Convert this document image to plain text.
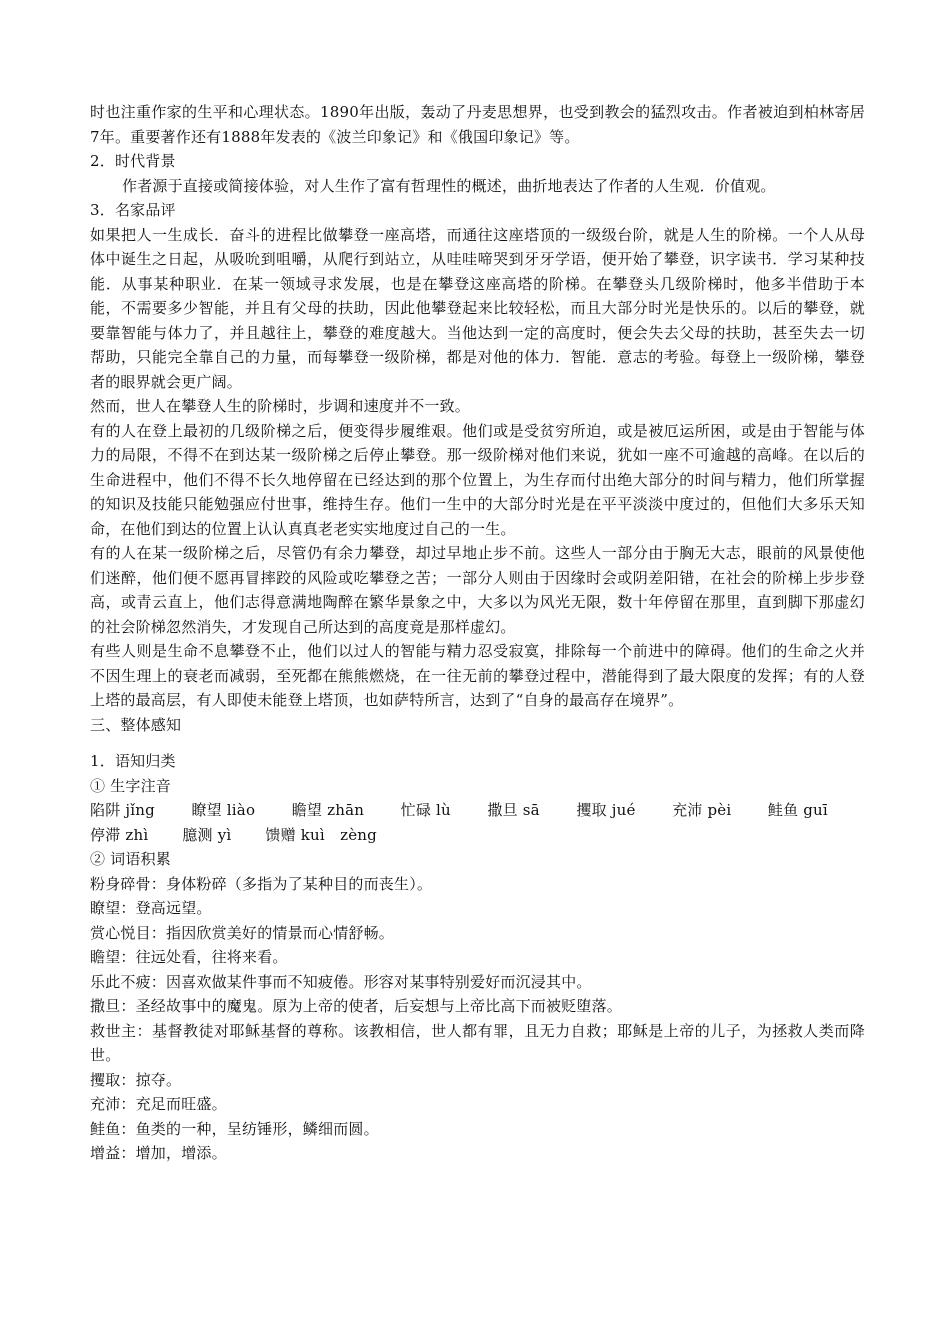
时也注重作家的生平和心理状态。1890年出版，轰动了丹麦思想界，也受到教会的猛烈攻击。作者被迫到柏林寄居7年。重要著作还有1888年发表的《波兰印象记》和《俄国印象记》等。

2．时代背景

作者源于直接或简接体验，对人生作了富有哲理性的概述，曲折地表达了作者的人生观．价值观。

3．名家品评

如果把人一生成长．奋斗的进程比做攀登一座高塔，而通往这座塔顶的一级级台阶，就是人生的阶梯。一个人从母体中诞生之日起，从吸吮到咀嚼，从爬行到站立，从哇哇啼哭到牙牙学语，便开始了攀登，识字读书．学习某种技能．从事某种职业．在某一领域寻求发展，也是在攀登这座高塔的阶梯。在攀登头几级阶梯时，他多半借助于本能，不需要多少智能，并且有父母的扶助，因此他攀登起来比较轻松，而且大部分时光是快乐的。以后的攀登，就要靠智能与体力了，并且越往上，攀登的难度越大。当他达到一定的高度时，便会失去父母的扶助，甚至失去一切帮助，只能完全靠自己的力量，而每攀登一级阶梯，都是对他的体力．智能．意志的考验。每登上一级阶梯，攀登者的眼界就会更广阔。

然而，世人在攀登人生的阶梯时，步调和速度并不一致。

有的人在登上最初的几级阶梯之后，便变得步履维艰。他们或是受贫穷所迫，或是被厄运所困，或是由于智能与体力的局限，不得不在到达某一级阶梯之后停止攀登。那一级阶梯对他们来说，犹如一座不可逾越的高峰。在以后的生命进程中，他们不得不长久地停留在已经达到的那个位置上，为生存而付出绝大部分的时间与精力，他们所掌握的知识及技能只能勉强应付世事，维持生存。他们一生中的大部分时光是在平平淡淡中度过的，但他们大多乐天知命，在他们到达的位置上认认真真老老实实地度过自己的一生。

有的人在某一级阶梯之后，尽管仍有余力攀登，却过早地止步不前。这些人一部分由于胸无大志，眼前的风景使他们迷醉，他们便不愿再冒摔跤的风险或吃攀登之苦；一部分人则由于因缘时会或阴差阳错，在社会的阶梯上步步登高，或青云直上，他们志得意满地陶醉在繁华景象之中，大多以为风光无限，数十年停留在那里，直到脚下那虚幻的社会阶梯忽然消失，才发现自己所达到的高度竟是那样虚幻。

有些人则是生命不息攀登不止，他们以过人的智能与精力忍受寂寞，排除每一个前进中的障碍。他们的生命之火并不因生理上的衰老而减弱，至死都在熊熊燃烧，在一往无前的攀登过程中，潜能得到了最大限度的发挥；有的人登上塔的最高层，有人即使未能登上塔顶，也如萨特所言，达到了“自身的最高存在境界”。

三、整体感知

1．语知归类

① 生字注音

陷阱 jǐng 瞭望 liào 瞻望 zhān 忙碌 lù 撒旦 sā 攫取 jué 充沛 pèi 鲑鱼 guī
停滞 zhì 臆测 yì 馈赠 kuì　zèng

② 词语积累

粉身碎骨：身体粉碎（多指为了某种目的而丧生）。

瞭望：登高远望。

赏心悦目：指因欣赏美好的情景而心情舒畅。

瞻望：往远处看，往将来看。

乐此不疲：因喜欢做某件事而不知疲倦。形容对某事特别爱好而沉浸其中。

撒旦：圣经故事中的魔鬼。原为上帝的使者，后妄想与上帝比高下而被贬堕落。

救世主：基督教徒对耶稣基督的尊称。该教相信，世人都有罪，且无力自救；耶稣是上帝的儿子，为拯救人类而降世。

攫取：掠夺。

充沛：充足而旺盛。

鲑鱼：鱼类的一种，呈纺锤形，鳞细而圆。

增益：增加，增添。
